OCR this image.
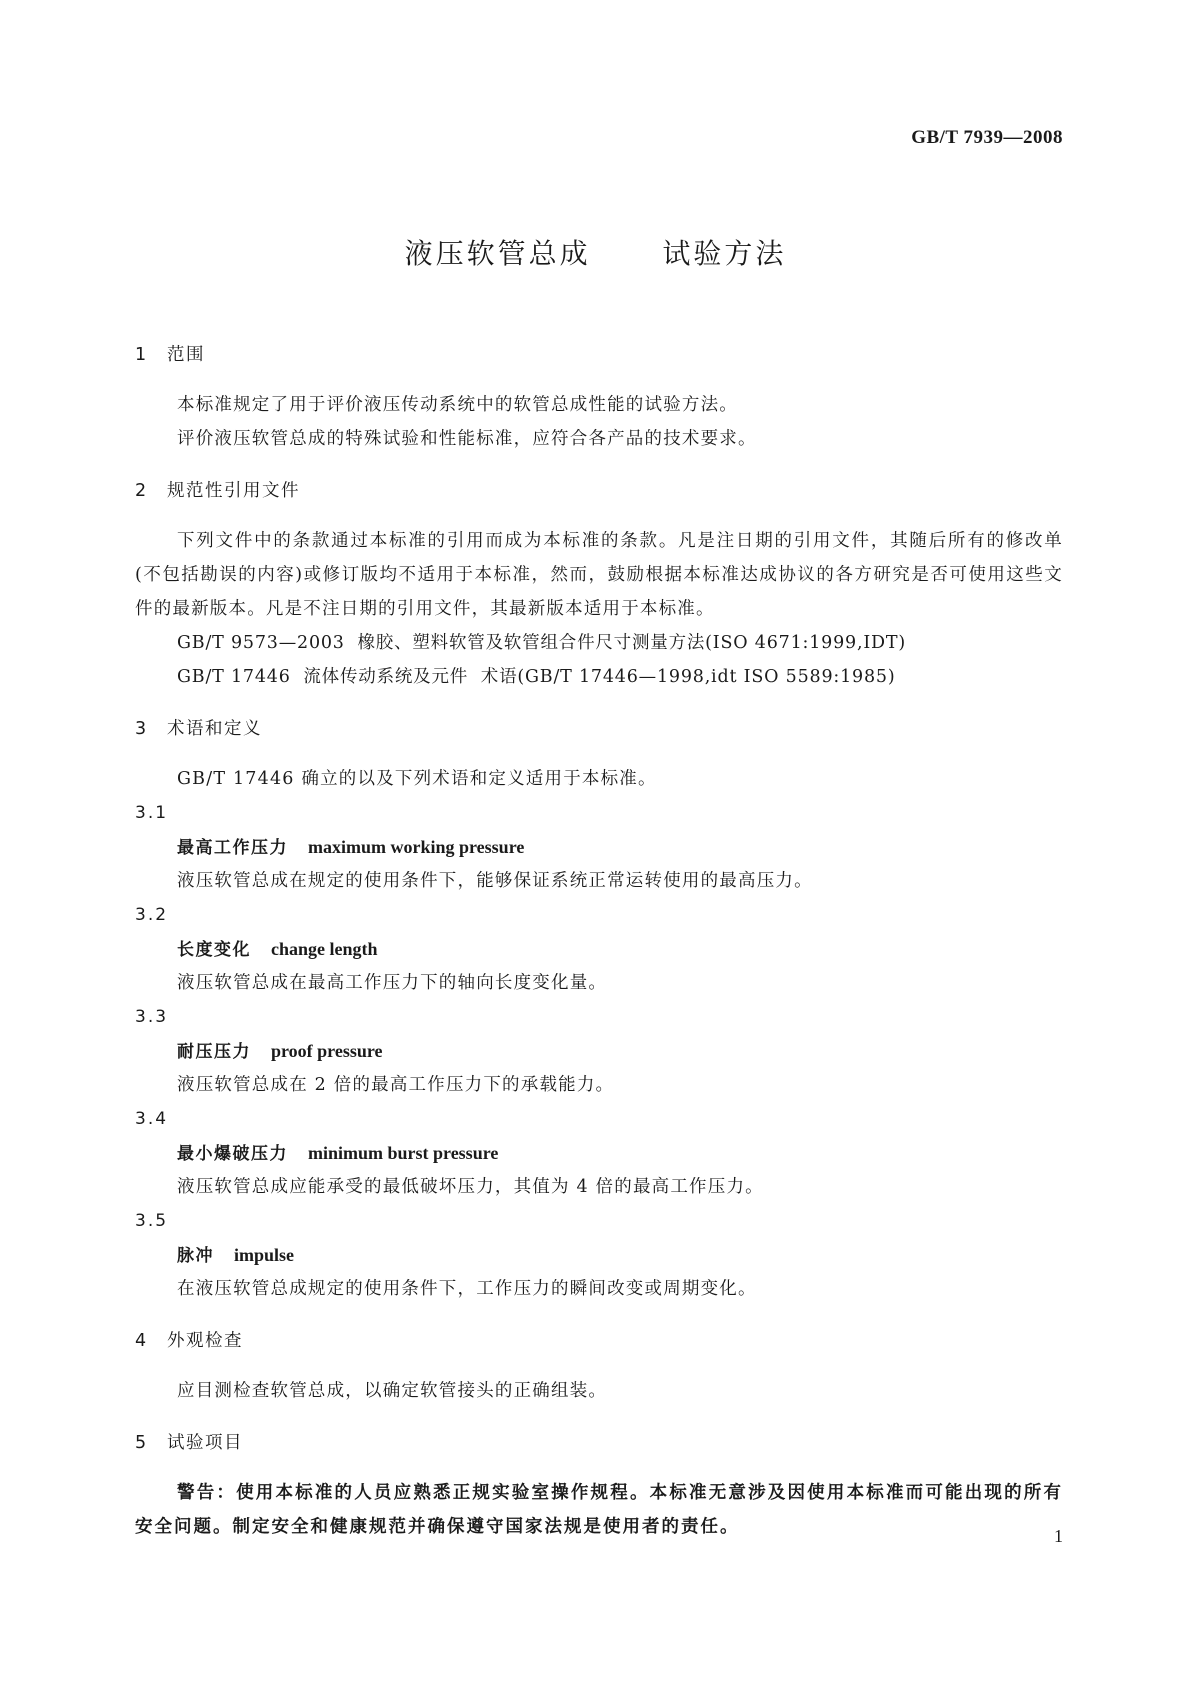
GB/T 7939—2008
液压软管总成  试验方法
1 范围

本标准规定了用于评价液压传动系统中的软管总成性能的试验方法。

评价液压软管总成的特殊试验和性能标准，应符合各产品的技术要求。

2 规范性引用文件

下列文件中的条款通过本标准的引用而成为本标准的条款。凡是注日期的引用文件，其随后所有的修改单(不包括勘误的内容)或修订版均不适用于本标准，然而，鼓励根据本标准达成协议的各方研究是否可使用这些文件的最新版本。凡是不注日期的引用文件，其最新版本适用于本标准。

GB/T 9573—2003  橡胶、塑料软管及软管组合件尺寸测量方法(ISO 4671:1999,IDT)

GB/T 17446  流体传动系统及元件  术语(GB/T 17446—1998,idt ISO 5589:1985)

3 术语和定义

GB/T 17446 确立的以及下列术语和定义适用于本标准。

3.1
最高工作压力 maximum working pressure
液压软管总成在规定的使用条件下，能够保证系统正常运转使用的最高压力。
3.2
长度变化 change length
液压软管总成在最高工作压力下的轴向长度变化量。
3.3
耐压压力 proof pressure
液压软管总成在 2 倍的最高工作压力下的承载能力。
3.4
最小爆破压力 minimum burst pressure
液压软管总成应能承受的最低破坏压力，其值为 4 倍的最高工作压力。
3.5
脉冲 impulse
在液压软管总成规定的使用条件下，工作压力的瞬间改变或周期变化。
4 外观检查

应目测检查软管总成，以确定软管接头的正确组装。

5 试验项目

警告：使用本标准的人员应熟悉正规实验室操作规程。本标准无意涉及因使用本标准而可能出现的所有安全问题。制定安全和健康规范并确保遵守国家法规是使用者的责任。	1
